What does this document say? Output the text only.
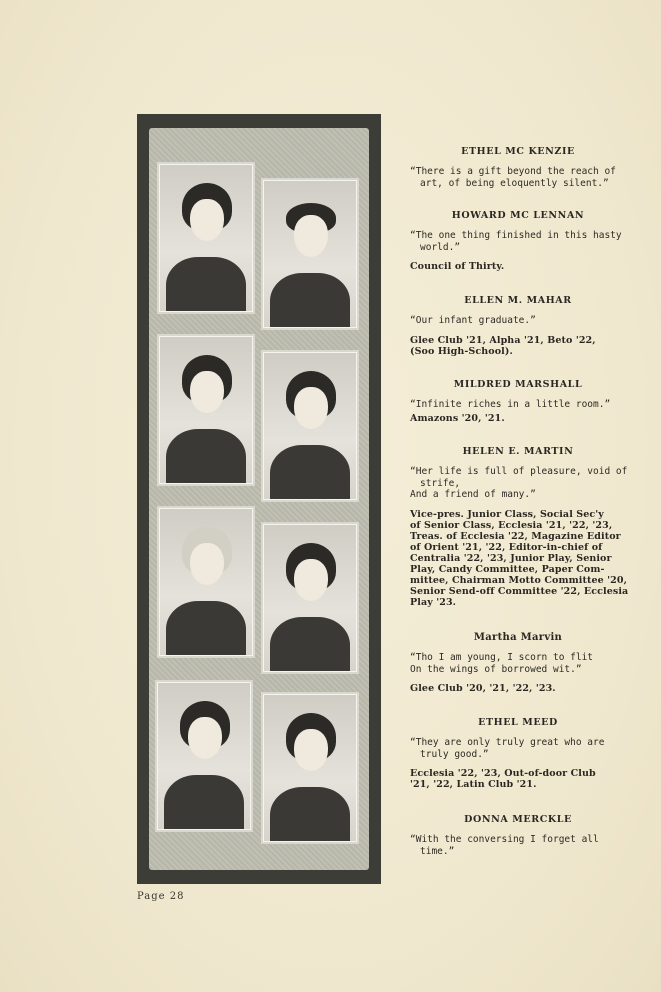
ETHEL MC KENZIE
“There is a gift beyond the reach of
art, of being eloquently silent.”
HOWARD MC LENNAN
“The one thing finished in this hasty
world.”
Council of Thirty.
ELLEN M. MAHAR
“Our infant graduate.”
Glee Club '21, Alpha '21, Beto '22,
(Soo High-School).
MILDRED MARSHALL
“Infinite riches in a little room.”
Amazons '20, '21.
HELEN E. MARTIN
“Her life is full of pleasure, void of
strife,
And a friend of many.”
Vice-pres. Junior Class, Social Sec'y
of Senior Class, Ecclesia '21, '22, '23,
Treas. of Ecclesia '22, Magazine Editor
of Orient '21, '22, Editor-in-chief of
Centralia '22, '23, Junior Play, Senior
Play, Candy Committee, Paper Com-
mittee, Chairman Motto Committee '20,
Senior Send-off Committee '22, Ecclesia
Play '23.
Martha Marvin
“Tho I am young, I scorn to flit
On the wings of borrowed wit.”
Glee Club '20, '21, '22, '23.
ETHEL MEED
“They are only truly great who are
truly good.”
Ecclesia '22, '23, Out-of-door Club
'21, '22, Latin Club '21.
DONNA MERCKLE
“With the conversing I forget all
time.”
Page 28
